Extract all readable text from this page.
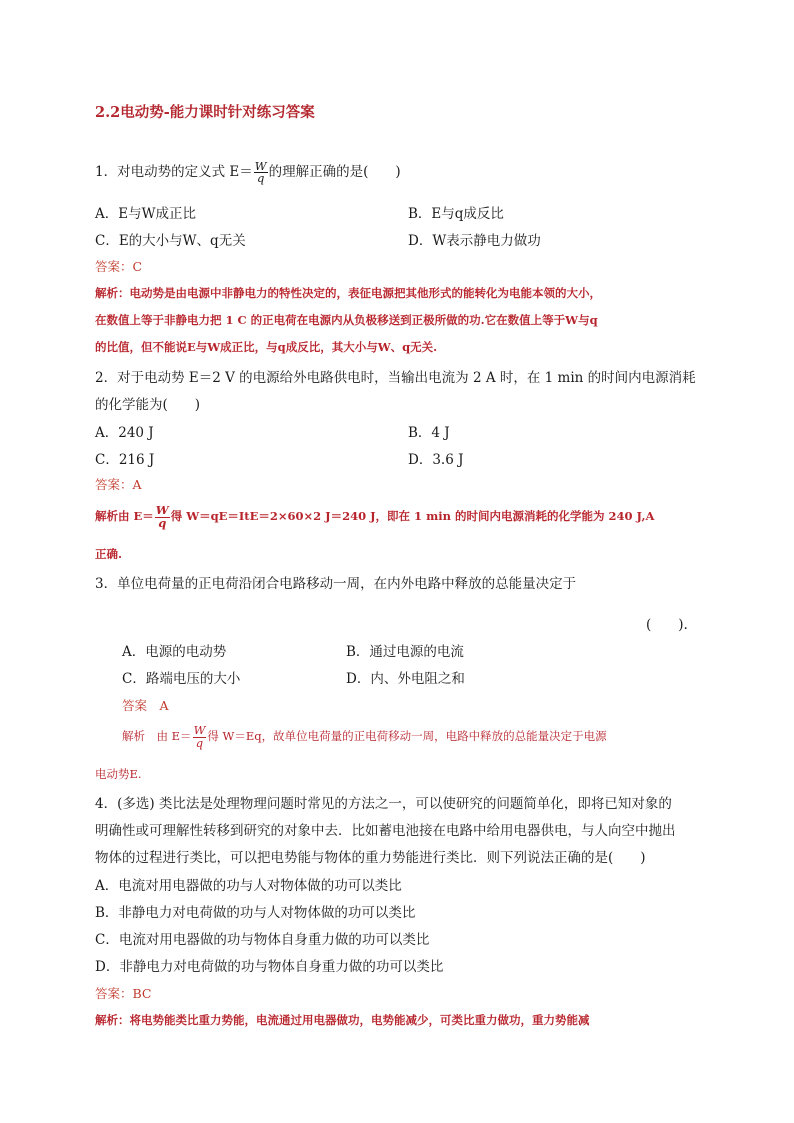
2.2电动势-能力课时针对练习答案
1．对电动势的定义式 $E= \frac{W}{q}$ 的理解正确的是(　　)
A．E与W成正比	B．E与q成反比
C．E的大小与W、q无关	D．W表示静电力做功
答案：C
解析：电动势是由电源中非静电力的特性决定的，表征电源把其他形式的能转化为电能本领的大小，
在数值上等于非静电力把 1 C 的正电荷在电源内从负极移送到正极所做的功.它在数值上等于W与q
的比值，但不能说E与W成正比，与q成反比，其大小与W、q无关.
2．对于电动势 E＝2 V 的电源给外电路供电时，当输出电流为 2 A 时，在 1 min 的时间内电源消耗
的化学能为(　　)
A．240 J	B．4 J
C．216 J	D．3.6 J
答案：A
解析由 $E= \frac{W}{q}$ 得 W＝qE＝ItE＝2×60×2 J＝240 J，即在 1 min 的时间内电源消耗的化学能为 240 J,A
正确.
3．单位电荷量的正电荷沿闭合电路移动一周，在内外电路中释放的总能量决定于
(　　).
A．电源的电动势	B．通过电源的电流
C．路端电压的大小	D．内、外电阻之和
答案　A
解析　由 $E= \frac{W}{q}$ 得 W＝Eq，故单位电荷量的正电荷移动一周，电路中释放的总能量决定于电源
电动势E.
4．(多选) 类比法是处理物理问题时常见的方法之一，可以使研究的问题简单化，即将已知对象的
明确性或可理解性转移到研究的对象中去．比如蓄电池接在电路中给用电器供电，与人向空中抛出
物体的过程进行类比，可以把电势能与物体的重力势能进行类比．则下列说法正确的是(　　)
A．电流对用电器做的功与人对物体做的功可以类比
B．非静电力对电荷做的功与人对物体做的功可以类比
C．电流对用电器做的功与物体自身重力做的功可以类比
D．非静电力对电荷做的功与物体自身重力做的功可以类比
答案：BC
解析：将电势能类比重力势能，电流通过用电器做功，电势能减少，可类比重力做功，重力势能减
